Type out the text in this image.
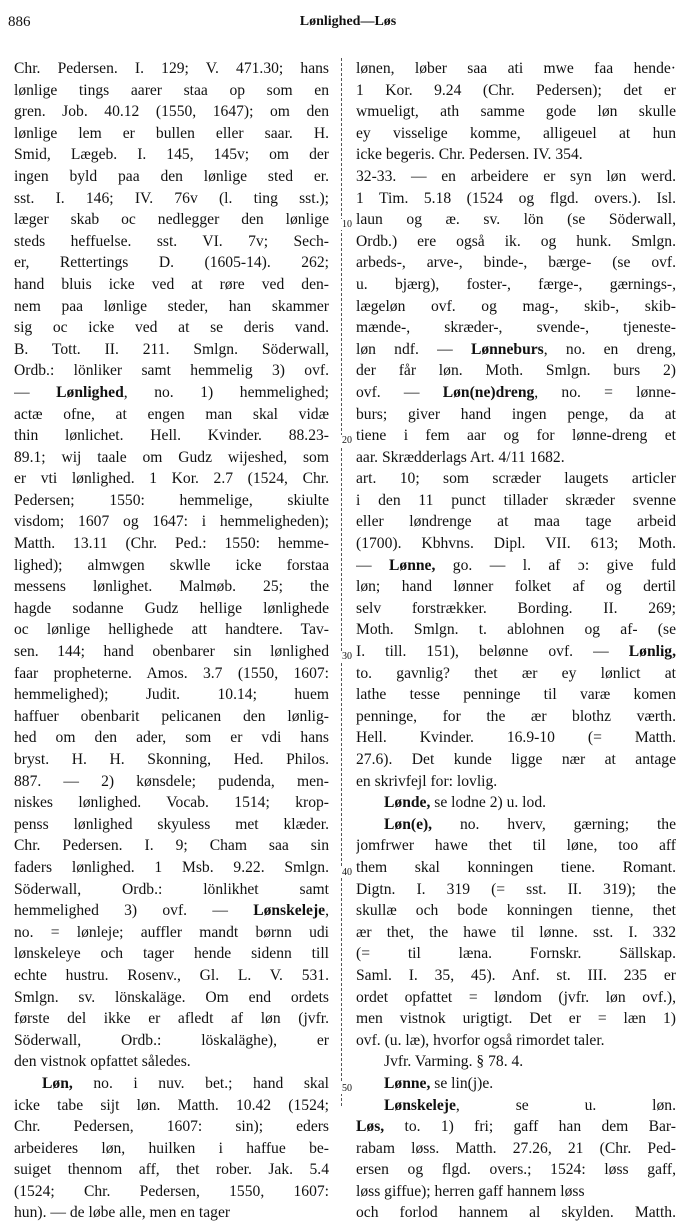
886	Lønlighed—Løs
10
20
30
40
50
Chr. Pedersen. I. 129; V. 471.30; hans
lønlige tings aarer staa op som en
gren. Job. 40.12 (1550, 1647); om den
lønlige lem er bullen eller saar. H.
Smid, Lægeb. I. 145, 145v; om der
ingen byld paa den lønlige sted er.
sst. I. 146; IV. 76v (l. ting sst.);
læger skab oc nedlegger den lønlige
steds heffuelse. sst. VI. 7v; Sech-
er, Rettertings D. (1605-14). 262;
hand bluis icke ved at røre ved den-
nem paa lønlige steder, han skammer
sig oc icke ved at se deris vand.
B. Tott. II. 211. Smlgn. Söderwall,
Ordb.: lönliker samt hemmelig 3) ovf.
— Lønlighed, no. 1) hemmelighed;
actæ ofne, at engen man skal vidæ
thin lønlichet. Hell. Kvinder. 88.23-
89.1; wij taale om Gudz wijeshed, som
er vti lønlighed. 1 Kor. 2.7 (1524, Chr.
Pedersen; 1550: hemmelige, skiulte
visdom; 1607 og 1647: i hemmeligheden);
Matth. 13.11 (Chr. Ped.: 1550: hemme-
lighed); almwgen skwlle icke forstaa
messens lønlighet. Malmøb. 25; the
hagde sodanne Gudz hellige lønlighede
oc lønlige hellighede att handtere. Tav-
sen. 144; hand obenbarer sin lønlighed
faar propheterne. Amos. 3.7 (1550, 1607:
hemmelighed); Judit. 10.14; huem
haffuer obenbarit pelicanen den lønlig-
hed om den ader, som er vdi hans
bryst. H. H. Skonning, Hed. Philos.
887. — 2) kønsdele; pudenda, men-
niskes lønlighed. Vocab. 1514; krop-
penss lønlighed skyuless met klæder.
Chr. Pedersen. I. 9; Cham saa sin
faders lønlighed. 1 Msb. 9.22. Smlgn.
Söderwall, Ordb.: lönlikhet samt
hemmelighed 3) ovf. — Lønskeleje,
no. = lønleje; auffler mandt børnn udi
lønskeleye och tager hende sidenn till
echte hustru. Rosenv., Gl. L. V. 531.
Smlgn. sv. lönskaläge. Om end ordets
første del ikke er afledt af løn (jvfr.
Söderwall, Ordb.: löskaläghe), er
den vistnok opfattet således.
Løn, no. i nuv. bet.; hand skal
icke tabe sijt løn. Matth. 10.42 (1524;
Chr. Pedersen, 1607: sin); eders
arbeideres løn, huilken i haffue be-
suiget thennom aff, thet rober. Jak. 5.4
(1524; Chr. Pedersen, 1550, 1607:
hun). — de løbe alle, men en tager
lønen, løber saa ati mwe faa hende·
1 Kor. 9.24 (Chr. Pedersen); det er
wmueligt, ath samme gode løn skulle
ey visselige komme, alligeuel at hun
icke begeris. Chr. Pedersen. IV. 354.
32-33. — en arbeidere er syn løn werd.
1 Tim. 5.18 (1524 og flgd. overs.). Isl.
laun og æ. sv. lön (se Söderwall,
Ordb.) ere også ik. og hunk. Smlgn.
arbeds-, arve-, binde-, bærge- (se ovf.
u. bjærg), foster-, færge-, gærnings-,
lægeløn ovf. og mag-, skib-, skib-
mænde-, skræder-, svende-, tjeneste-
løn ndf. — Lønneburs, no. en dreng,
der får løn. Moth. Smlgn. burs 2)
ovf. — Løn(ne)dreng, no. = lønne-
burs; giver hand ingen penge, da at
tiene i fem aar og for lønne-dreng et
aar. Skrædderlags Art. 4/11 1682.
art. 10; som scræder laugets articler
i den 11 punct tillader skræder svenne
eller løndrenge at maa tage arbeid
(1700). Kbhvns. Dipl. VII. 613; Moth.
— Lønne, go. — l. af ɔ: give fuld
løn; hand lønner folket af og dertil
selv forstrækker. Bording. II. 269;
Moth. Smlgn. t. ablohnen og af- (se
I. till. 151), belønne ovf. — Lønlig,
to. gavnlig? thet ær ey lønlict at
lathe tesse penninge til varæ komen
penninge, for the ær blothz værth.
Hell. Kvinder. 16.9-10 (= Matth.
27.6). Det kunde ligge nær at antage
en skrivfejl for: lovlig.
Lønde, se lodne 2) u. lod.
Løn(e), no. hverv, gærning; the
jomfrwer hawe thet til løne, too aff
them skal konningen tiene. Romant.
Digtn. I. 319 (= sst. II. 319); the
skullæ och bode konningen tienne, thet
ær thet, the hawe til lønne. sst. I. 332
(= til læna. Fornskr. Sällskap.
Saml. I. 35, 45). Anf. st. III. 235 er
ordet opfattet = løndom (jvfr. løn ovf.),
men vistnok urigtigt. Det er = læn 1)
ovf. (u. læ), hvorfor også rimordet taler.
Jvfr. Varming. § 78. 4.
Lønne, se lin(j)e.
Lønskeleje, se u. løn.
Løs, to. 1) fri; gaff han dem Bar-
rabam løss. Matth. 27.26, 21 (Chr. Ped-
ersen og flgd. overs.; 1524: løss gaff,
løss giffue); herren gaff hannem løss
och forlod hannem al skylden. Matth.
